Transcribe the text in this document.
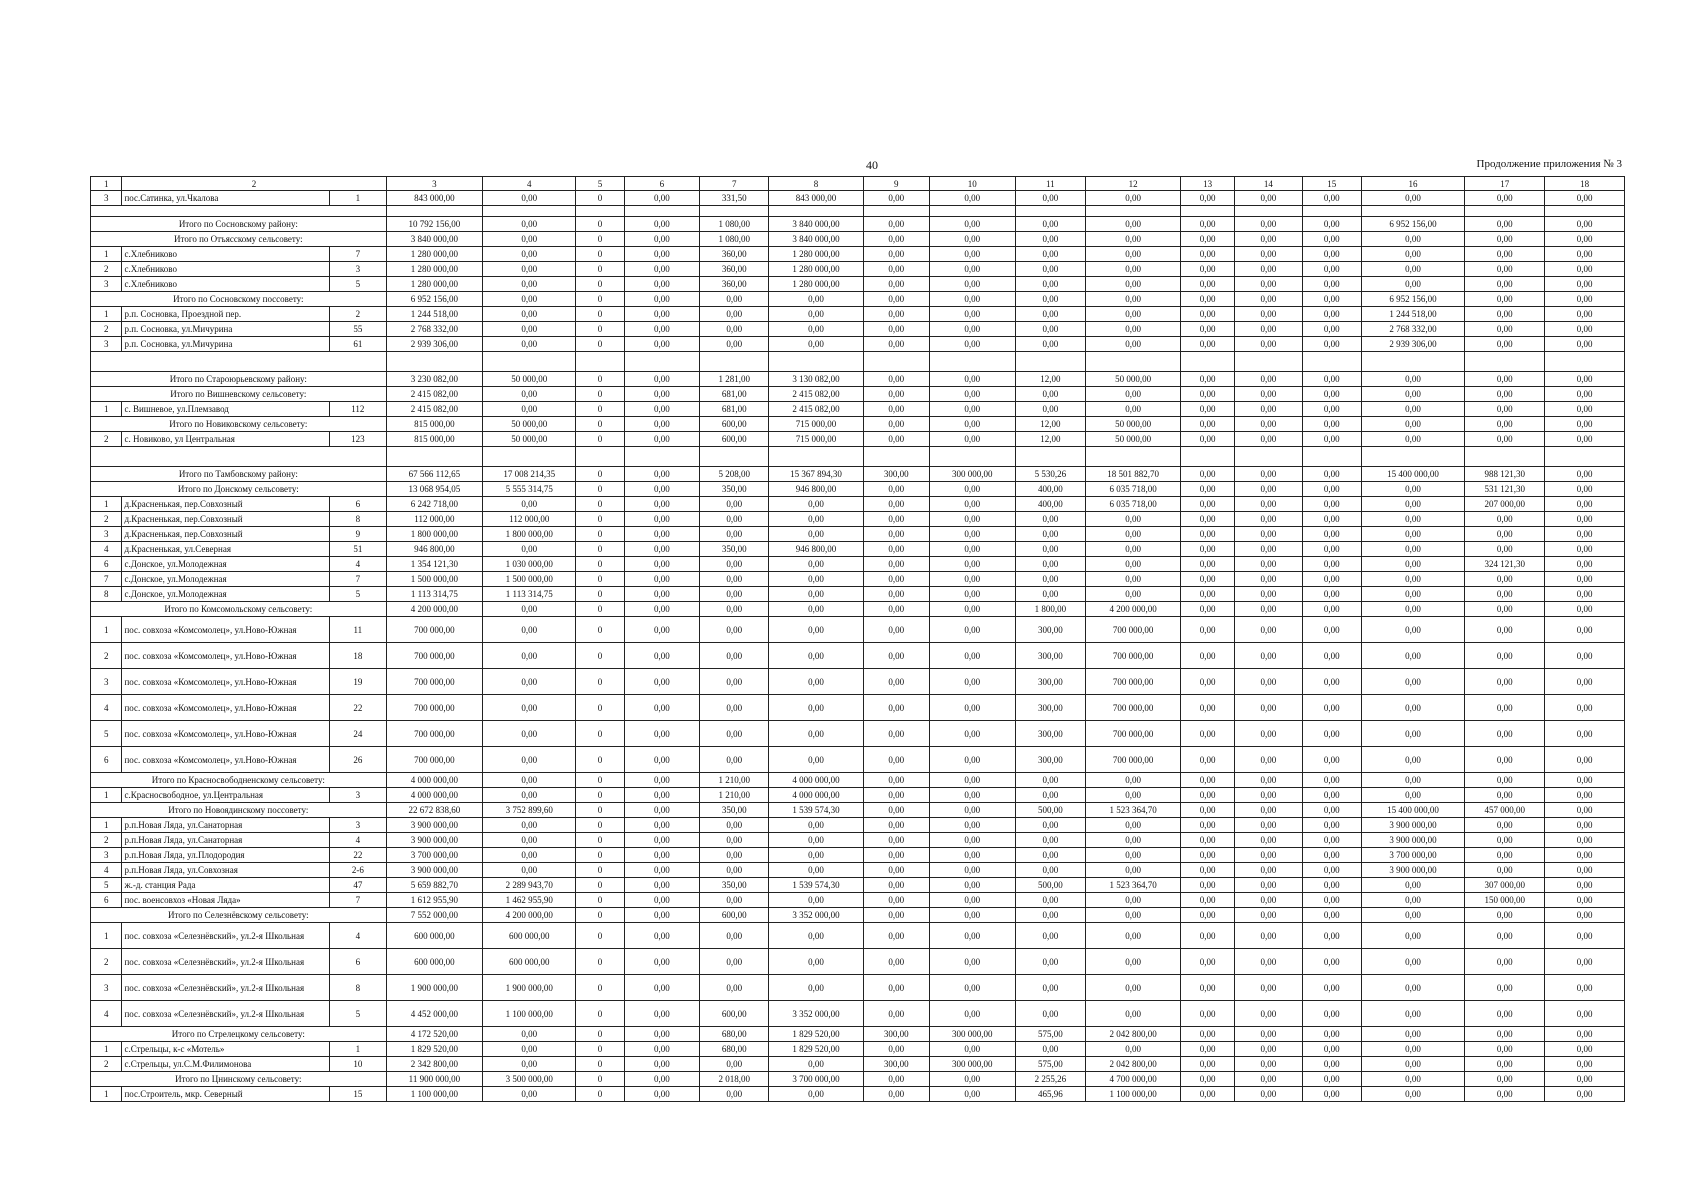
40	Продолжение приложения № 3
1	2		3	4	5	6	7	8	9	10	11	12	13	14	15	16	17	18
3	пос.Сатинка, ул.Чкалова	1	843 000,00	0,00	0	0,00	331,50	843 000,00	0,00	0,00	0,00	0,00	0,00	0,00	0,00	0,00	0,00	0,00

Итого по Сосновскому району:			10 792 156,00	0,00	0	0,00	1 080,00	3 840 000,00	0,00	0,00	0,00	0,00	0,00	0,00	0,00	6 952 156,00	0,00	0,00
Итого по Отъясскому сельсовету:			3 840 000,00	0,00	0	0,00	1 080,00	3 840 000,00	0,00	0,00	0,00	0,00	0,00	0,00	0,00	0,00	0,00	0,00
1	с.Хлебниково	7	1 280 000,00	0,00	0	0,00	360,00	1 280 000,00	0,00	0,00	0,00	0,00	0,00	0,00	0,00	0,00	0,00	0,00
2	с.Хлебниково	3	1 280 000,00	0,00	0	0,00	360,00	1 280 000,00	0,00	0,00	0,00	0,00	0,00	0,00	0,00	0,00	0,00	0,00
3	с.Хлебниково	5	1 280 000,00	0,00	0	0,00	360,00	1 280 000,00	0,00	0,00	0,00	0,00	0,00	0,00	0,00	0,00	0,00	0,00
Итого по Сосновскому поссовету:			6 952 156,00	0,00	0	0,00	0,00	0,00	0,00	0,00	0,00	0,00	0,00	0,00	0,00	6 952 156,00	0,00	0,00
1	р.п. Сосновка, Проездной пер.	2	1 244 518,00	0,00	0	0,00	0,00	0,00	0,00	0,00	0,00	0,00	0,00	0,00	0,00	1 244 518,00	0,00	0,00
2	р.п. Сосновка, ул.Мичурина	55	2 768 332,00	0,00	0	0,00	0,00	0,00	0,00	0,00	0,00	0,00	0,00	0,00	0,00	2 768 332,00	0,00	0,00
3	р.п. Сосновка, ул.Мичурина	61	2 939 306,00	0,00	0	0,00	0,00	0,00	0,00	0,00	0,00	0,00	0,00	0,00	0,00	2 939 306,00	0,00	0,00

Итого по Староюрьевскому району:			3 230 082,00	50 000,00	0	0,00	1 281,00	3 130 082,00	0,00	0,00	12,00	50 000,00	0,00	0,00	0,00	0,00	0,00	0,00
Итого по Вишневскому сельсовету:			2 415 082,00	0,00	0	0,00	681,00	2 415 082,00	0,00	0,00	0,00	0,00	0,00	0,00	0,00	0,00	0,00	0,00
1	с. Вишневое, ул.Племзавод	112	2 415 082,00	0,00	0	0,00	681,00	2 415 082,00	0,00	0,00	0,00	0,00	0,00	0,00	0,00	0,00	0,00	0,00
Итого по Новиковскому сельсовету:			815 000,00	50 000,00	0	0,00	600,00	715 000,00	0,00	0,00	12,00	50 000,00	0,00	0,00	0,00	0,00	0,00	0,00
2	с. Новиково, ул Центральная	123	815 000,00	50 000,00	0	0,00	600,00	715 000,00	0,00	0,00	12,00	50 000,00	0,00	0,00	0,00	0,00	0,00	0,00

Итого по Тамбовскому району:			67 566 112,65	17 008 214,35	0	0,00	5 208,00	15 367 894,30	300,00	300 000,00	5 530,26	18 501 882,70	0,00	0,00	0,00	15 400 000,00	988 121,30	0,00
Итого по Донскому сельсовету:			13 068 954,05	5 555 314,75	0	0,00	350,00	946 800,00	0,00	0,00	400,00	6 035 718,00	0,00	0,00	0,00	0,00	531 121,30	0,00
1	д.Красненькая, пер.Совхозный	6	6 242 718,00	0,00	0	0,00	0,00	0,00	0,00	0,00	400,00	6 035 718,00	0,00	0,00	0,00	0,00	207 000,00	0,00
2	д.Красненькая, пер.Совхозный	8	112 000,00	112 000,00	0	0,00	0,00	0,00	0,00	0,00	0,00	0,00	0,00	0,00	0,00	0,00	0,00	0,00
3	д.Красненькая, пер.Совхозный	9	1 800 000,00	1 800 000,00	0	0,00	0,00	0,00	0,00	0,00	0,00	0,00	0,00	0,00	0,00	0,00	0,00	0,00
4	д.Красненькая, ул.Северная	51	946 800,00	0,00	0	0,00	350,00	946 800,00	0,00	0,00	0,00	0,00	0,00	0,00	0,00	0,00	0,00	0,00
6	с.Донское, ул.Молодежная	4	1 354 121,30	1 030 000,00	0	0,00	0,00	0,00	0,00	0,00	0,00	0,00	0,00	0,00	0,00	0,00	324 121,30	0,00
7	с.Донское, ул.Молодежная	7	1 500 000,00	1 500 000,00	0	0,00	0,00	0,00	0,00	0,00	0,00	0,00	0,00	0,00	0,00	0,00	0,00	0,00
8	с.Донское, ул.Молодежная	5	1 113 314,75	1 113 314,75	0	0,00	0,00	0,00	0,00	0,00	0,00	0,00	0,00	0,00	0,00	0,00	0,00	0,00
Итого по Комсомольскому сельсовету:			4 200 000,00	0,00	0	0,00	0,00	0,00	0,00	0,00	1 800,00	4 200 000,00	0,00	0,00	0,00	0,00	0,00	0,00
1	пос. совхоза «Комсомолец», ул.Ново-Южная	11	700 000,00	0,00	0	0,00	0,00	0,00	0,00	0,00	300,00	700 000,00	0,00	0,00	0,00	0,00	0,00	0,00
2	пос. совхоза «Комсомолец», ул.Ново-Южная	18	700 000,00	0,00	0	0,00	0,00	0,00	0,00	0,00	300,00	700 000,00	0,00	0,00	0,00	0,00	0,00	0,00
3	пос. совхоза «Комсомолец», ул.Ново-Южная	19	700 000,00	0,00	0	0,00	0,00	0,00	0,00	0,00	300,00	700 000,00	0,00	0,00	0,00	0,00	0,00	0,00
4	пос. совхоза «Комсомолец», ул.Ново-Южная	22	700 000,00	0,00	0	0,00	0,00	0,00	0,00	0,00	300,00	700 000,00	0,00	0,00	0,00	0,00	0,00	0,00
5	пос. совхоза «Комсомолец», ул.Ново-Южная	24	700 000,00	0,00	0	0,00	0,00	0,00	0,00	0,00	300,00	700 000,00	0,00	0,00	0,00	0,00	0,00	0,00
6	пос. совхоза «Комсомолец», ул.Ново-Южная	26	700 000,00	0,00	0	0,00	0,00	0,00	0,00	0,00	300,00	700 000,00	0,00	0,00	0,00	0,00	0,00	0,00
Итого по Красносвободненскому сельсовету:			4 000 000,00	0,00	0	0,00	1 210,00	4 000 000,00	0,00	0,00	0,00	0,00	0,00	0,00	0,00	0,00	0,00	0,00
1	с.Красносвободное, ул.Центральная	3	4 000 000,00	0,00	0	0,00	1 210,00	4 000 000,00	0,00	0,00	0,00	0,00	0,00	0,00	0,00	0,00	0,00	0,00
Итого по Новоядинскому поссовету:			22 672 838,60	3 752 899,60	0	0,00	350,00	1 539 574,30	0,00	0,00	500,00	1 523 364,70	0,00	0,00	0,00	15 400 000,00	457 000,00	0,00
1	р.п.Новая Ляда, ул.Санаторная	3	3 900 000,00	0,00	0	0,00	0,00	0,00	0,00	0,00	0,00	0,00	0,00	0,00	0,00	3 900 000,00	0,00	0,00
2	р.п.Новая Ляда, ул.Санаторная	4	3 900 000,00	0,00	0	0,00	0,00	0,00	0,00	0,00	0,00	0,00	0,00	0,00	0,00	3 900 000,00	0,00	0,00
3	р.п.Новая Ляда, ул.Плодородия	22	3 700 000,00	0,00	0	0,00	0,00	0,00	0,00	0,00	0,00	0,00	0,00	0,00	0,00	3 700 000,00	0,00	0,00
4	р.п.Новая Ляда, ул.Совхозная	2-6	3 900 000,00	0,00	0	0,00	0,00	0,00	0,00	0,00	0,00	0,00	0,00	0,00	0,00	3 900 000,00	0,00	0,00
5	ж.-д. станция Рада	47	5 659 882,70	2 289 943,70	0	0,00	350,00	1 539 574,30	0,00	0,00	500,00	1 523 364,70	0,00	0,00	0,00	0,00	307 000,00	0,00
6	пос. военсовхоз «Новая Ляда»	7	1 612 955,90	1 462 955,90	0	0,00	0,00	0,00	0,00	0,00	0,00	0,00	0,00	0,00	0,00	0,00	150 000,00	0,00
Итого по Селезнёвскому сельсовету:			7 552 000,00	4 200 000,00	0	0,00	600,00	3 352 000,00	0,00	0,00	0,00	0,00	0,00	0,00	0,00	0,00	0,00	0,00
1	пос. совхоза «Селезнёвский», ул.2-я Школьная	4	600 000,00	600 000,00	0	0,00	0,00	0,00	0,00	0,00	0,00	0,00	0,00	0,00	0,00	0,00	0,00	0,00
2	пос. совхоза «Селезнёвский», ул.2-я Школьная	6	600 000,00	600 000,00	0	0,00	0,00	0,00	0,00	0,00	0,00	0,00	0,00	0,00	0,00	0,00	0,00	0,00
3	пос. совхоза «Селезнёвский», ул.2-я Школьная	8	1 900 000,00	1 900 000,00	0	0,00	0,00	0,00	0,00	0,00	0,00	0,00	0,00	0,00	0,00	0,00	0,00	0,00
4	пос. совхоза «Селезнёвский», ул.2-я Школьная	5	4 452 000,00	1 100 000,00	0	0,00	600,00	3 352 000,00	0,00	0,00	0,00	0,00	0,00	0,00	0,00	0,00	0,00	0,00
Итого по Стрелецкому сельсовету:			4 172 520,00	0,00	0	0,00	680,00	1 829 520,00	300,00	300 000,00	575,00	2 042 800,00	0,00	0,00	0,00	0,00	0,00	0,00
1	с.Стрельцы, к-с «Мотель»	1	1 829 520,00	0,00	0	0,00	680,00	1 829 520,00	0,00	0,00	0,00	0,00	0,00	0,00	0,00	0,00	0,00	0,00
2	с.Стрельцы, ул.С.М.Филимонова	10	2 342 800,00	0,00	0	0,00	0,00	0,00	300,00	300 000,00	575,00	2 042 800,00	0,00	0,00	0,00	0,00	0,00	0,00
Итого по Цнинскому сельсовету:			11 900 000,00	3 500 000,00	0	0,00	2 018,00	3 700 000,00	0,00	0,00	2 255,26	4 700 000,00	0,00	0,00	0,00	0,00	0,00	0,00
1	пос.Строитель, мкр. Северный	15	1 100 000,00	0,00	0	0,00	0,00	0,00	0,00	0,00	465,96	1 100 000,00	0,00	0,00	0,00	0,00	0,00	0,00
